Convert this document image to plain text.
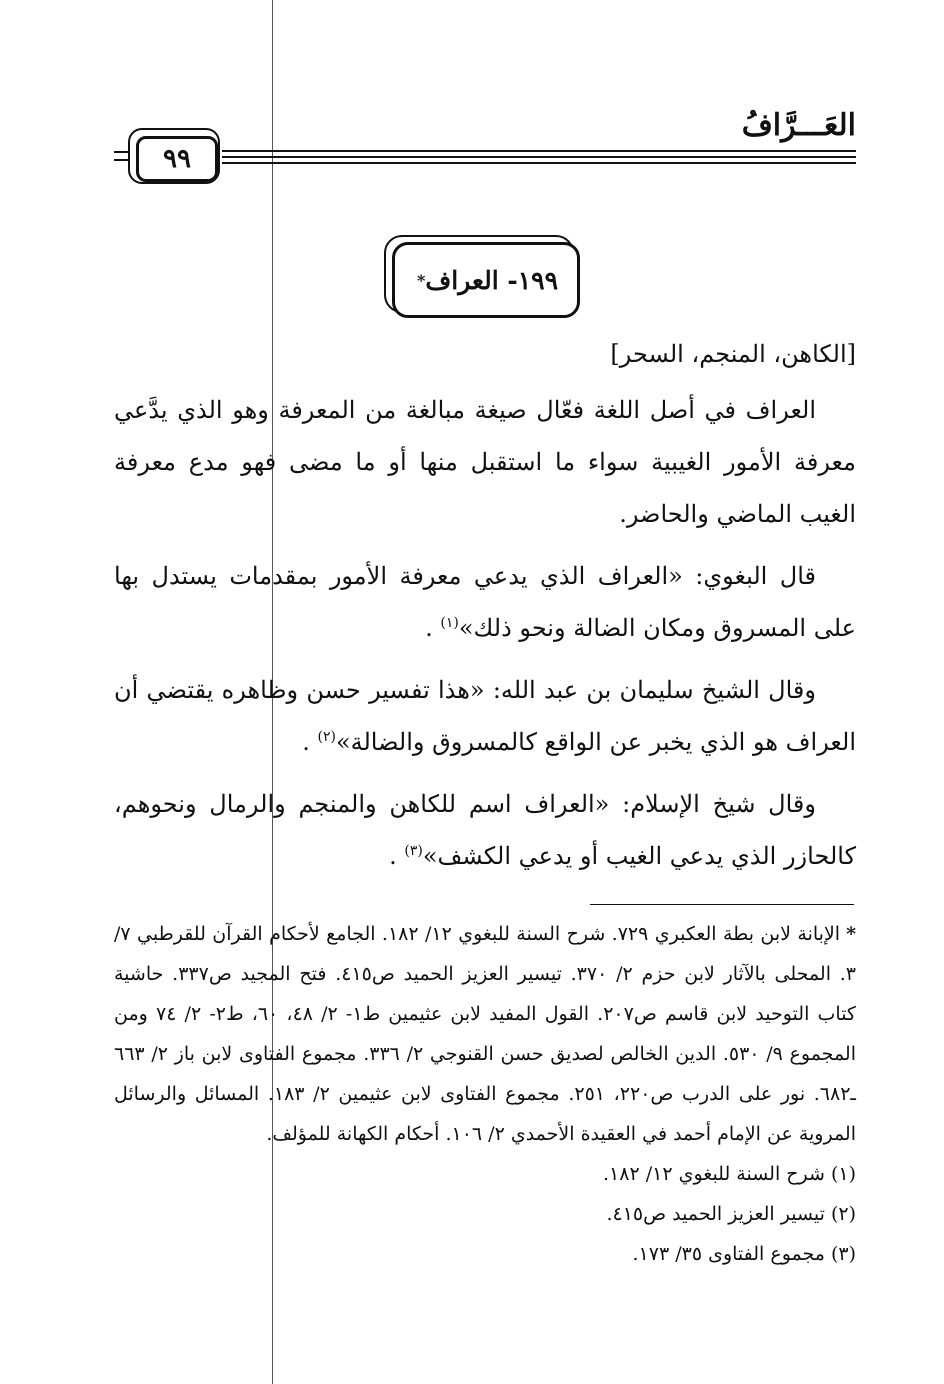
العَـــرَّافُ
٩٩
١٩٩- العراف
*

[الكاهن، المنجم، السحر]

العراف في أصل اللغة فعّال صيغة مبالغة من المعرفة وهو الذي يدَّعي معرفة الأمور الغيبية سواء ما استقبل منها أو ما مضى فهو مدع معرفة الغيب الماضي والحاضر.

قال البغوي: «العراف الذي يدعي معرفة الأمور بمقدمات يستدل بها على المسروق ومكان الضالة ونحو ذلك»$^{(١)}$ .

وقال الشيخ سليمان بن عبد الله: «هذا تفسير حسن وظاهره يقتضي أن العراف هو الذي يخبر عن الواقع كالمسروق والضالة»$^{(٢)}$ .

وقال شيخ الإسلام: «العراف اسم للكاهن والمنجم والرمال ونحوهم، كالحازر الذي يدعي الغيب أو يدعي الكشف»$^{(٣)}$ .

*الإبانة لابن بطة العكبري ٧٢٩. شرح السنة للبغوي ١٢/ ١٨٢. الجامع لأحكام القرآن للقرطبي ٧/ ٣. المحلى بالآثار لابن حزم ٢/ ٣٧٠. تيسير العزيز الحميد ص٤١٥. فتح المجيد ص٣٣٧. حاشية كتاب التوحيد لابن قاسم ص٢٠٧. القول المفيد لابن عثيمين ط١- ٢/ ٤٨، ٦٠، ط٢- ٢/ ٧٤ ومن المجموع ٩/ ٥٣٠. الدين الخالص لصديق حسن القنوجي ٢/ ٣٣٦. مجموع الفتاوى لابن باز ٢/ ٦٦٣ ـ٦٨٢. نور على الدرب ص٢٢٠، ٢٥١. مجموع الفتاوى لابن عثيمين ٢/ ١٨٣. المسائل والرسائل المروية عن الإمام أحمد في العقيدة الأحمدي ٢/ ١٠٦. أحكام الكهانة للمؤلف.

(١)شرح السنة للبغوي ١٢/ ١٨٢.

(٢)تيسير العزيز الحميد ص٤١٥.

(٣)مجموع الفتاوى ٣٥/ ١٧٣.
